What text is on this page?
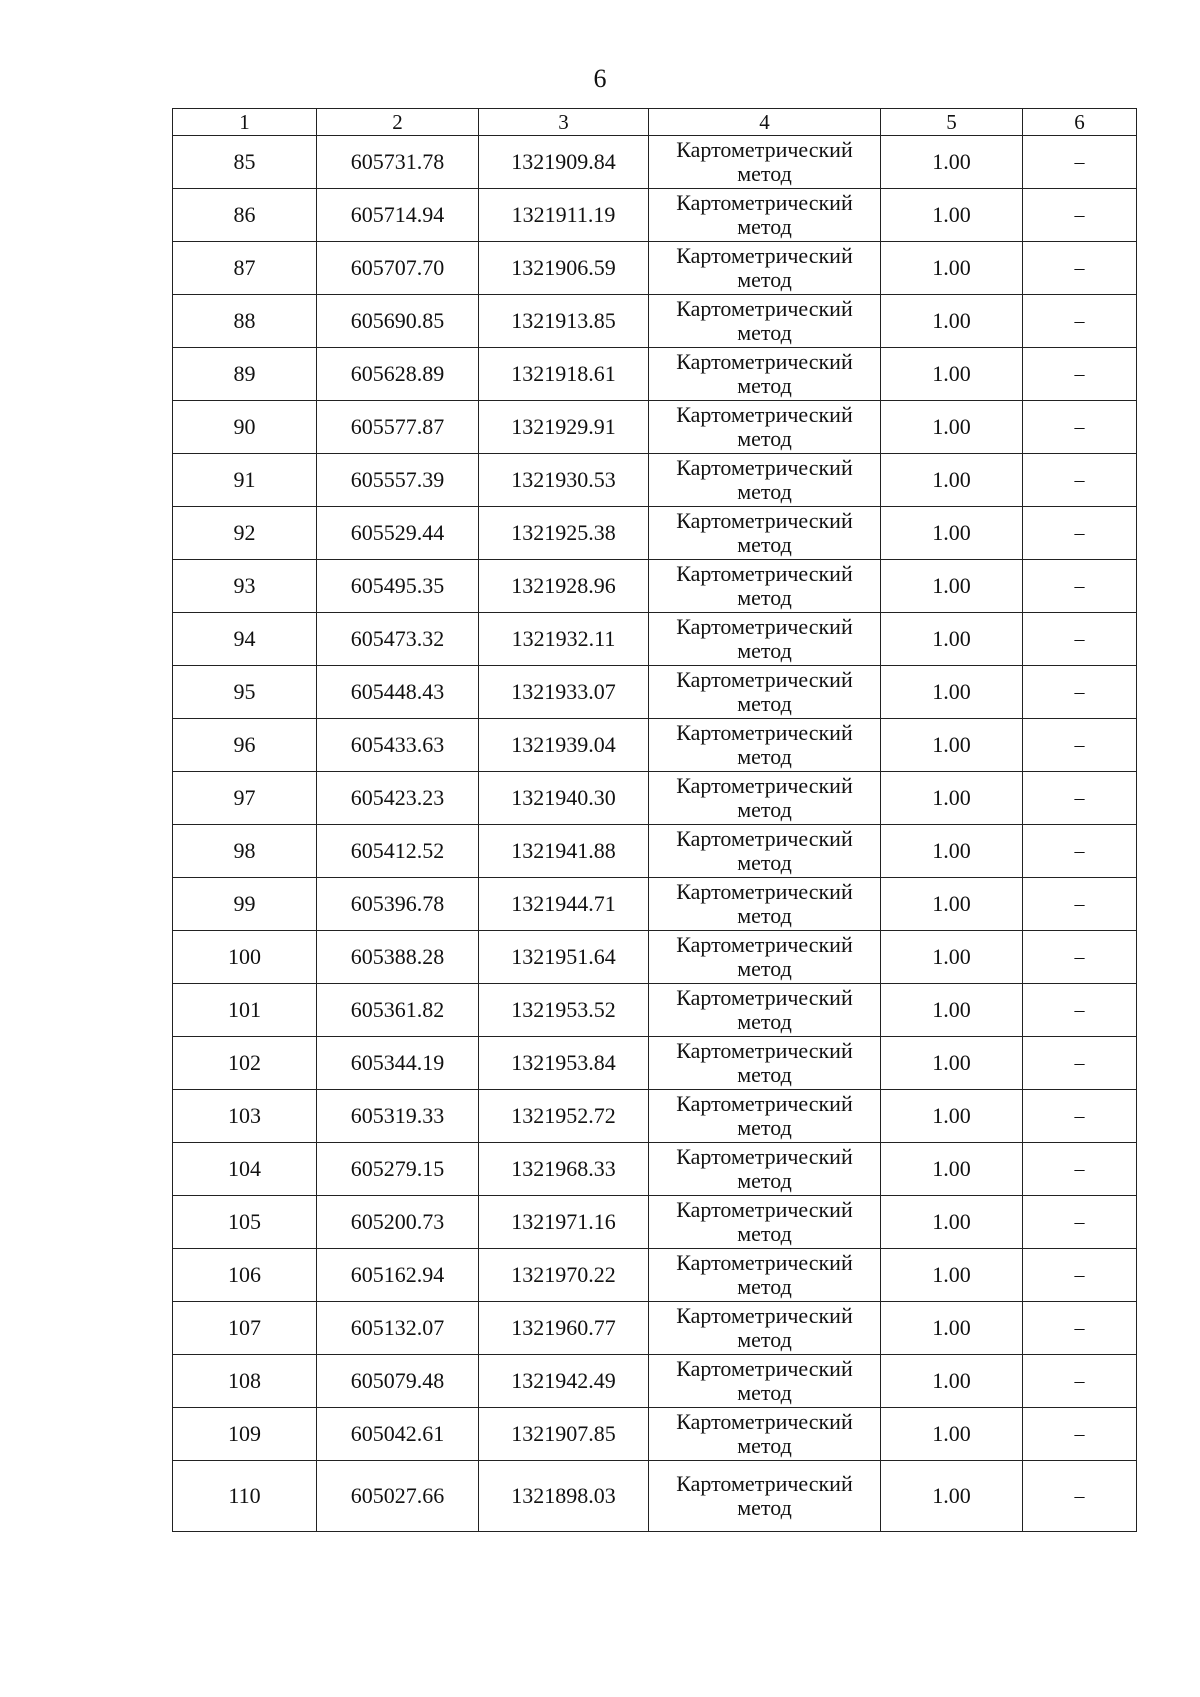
6
1	2	3	4	5	6
85	605731.78	1321909.84	Картометрический
метод	1.00	–
86	605714.94	1321911.19	Картометрический
метод	1.00	–
87	605707.70	1321906.59	Картометрический
метод	1.00	–
88	605690.85	1321913.85	Картометрический
метод	1.00	–
89	605628.89	1321918.61	Картометрический
метод	1.00	–
90	605577.87	1321929.91	Картометрический
метод	1.00	–
91	605557.39	1321930.53	Картометрический
метод	1.00	–
92	605529.44	1321925.38	Картометрический
метод	1.00	–
93	605495.35	1321928.96	Картометрический
метод	1.00	–
94	605473.32	1321932.11	Картометрический
метод	1.00	–
95	605448.43	1321933.07	Картометрический
метод	1.00	–
96	605433.63	1321939.04	Картометрический
метод	1.00	–
97	605423.23	1321940.30	Картометрический
метод	1.00	–
98	605412.52	1321941.88	Картометрический
метод	1.00	–
99	605396.78	1321944.71	Картометрический
метод	1.00	–
100	605388.28	1321951.64	Картометрический
метод	1.00	–
101	605361.82	1321953.52	Картометрический
метод	1.00	–
102	605344.19	1321953.84	Картометрический
метод	1.00	–
103	605319.33	1321952.72	Картометрический
метод	1.00	–
104	605279.15	1321968.33	Картометрический
метод	1.00	–
105	605200.73	1321971.16	Картометрический
метод	1.00	–
106	605162.94	1321970.22	Картометрический
метод	1.00	–
107	605132.07	1321960.77	Картометрический
метод	1.00	–
108	605079.48	1321942.49	Картометрический
метод	1.00	–
109	605042.61	1321907.85	Картометрический
метод	1.00	–
110	605027.66	1321898.03	Картометрический
метод	1.00	–
